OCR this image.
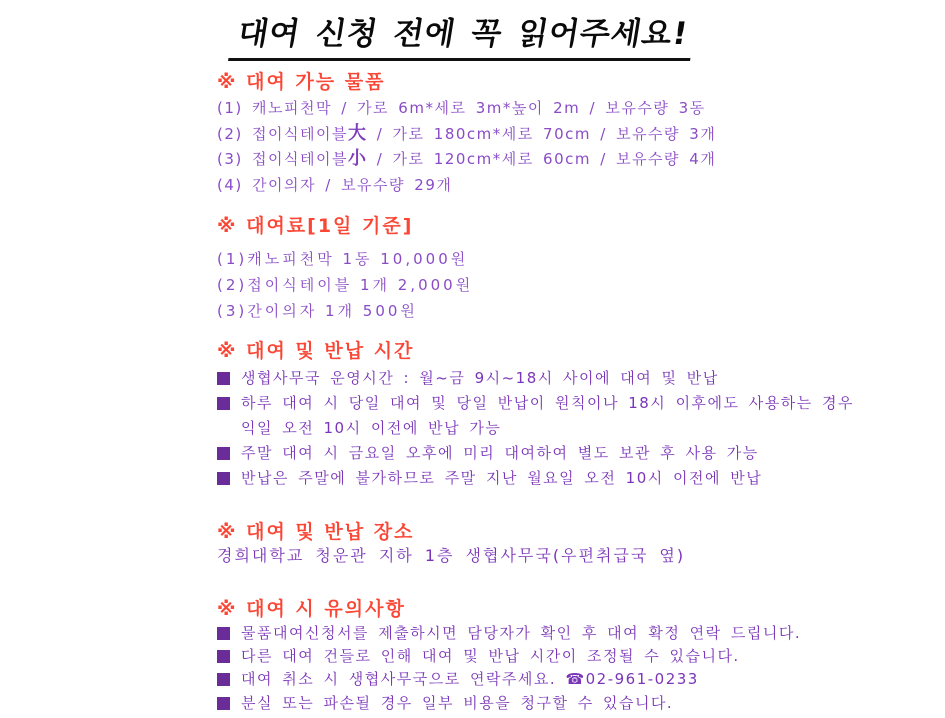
대여 신청 전에 꼭 읽어주세요!
※ 대여 가능 물품
(1) 캐노피천막 / 가로 6m*세로 3m*높이 2m / 보유수량 3동
(2) 접이식테이블大 / 가로 180cm*세로 70cm / 보유수량 3개
(3) 접이식테이블小 / 가로 120cm*세로 60cm / 보유수량 4개
(4) 간이의자 / 보유수량 29개
※ 대여료[1일 기준]
(1)캐노피천막 1동 10,000원
(2)접이식테이블 1개 2,000원
(3)간이의자 1개 500원
※ 대여 및 반납 시간
생협사무국 운영시간 : 월~금 9시~18시 사이에 대여 및 반납
하루 대여 시 당일 대여 및 당일 반납이 원칙이나 18시 이후에도 사용하는 경우
익일 오전 10시 이전에 반납 가능
주말 대여 시 금요일 오후에 미리 대여하여 별도 보관 후 사용 가능
반납은 주말에 불가하므로 주말 지난 월요일 오전 10시 이전에 반납
※ 대여 및 반납 장소
경희대학교 청운관 지하 1층 생협사무국(우편취급국 옆)
※ 대여 시 유의사항
물품대여신청서를 제출하시면 담당자가 확인 후 대여 확정 연락 드립니다.
다른 대여 건들로 인해 대여 및 반납 시간이 조정될 수 있습니다.
대여 취소 시 생협사무국으로 연락주세요. ☎02-961-0233
분실 또는 파손될 경우 일부 비용을 청구할 수 있습니다.
